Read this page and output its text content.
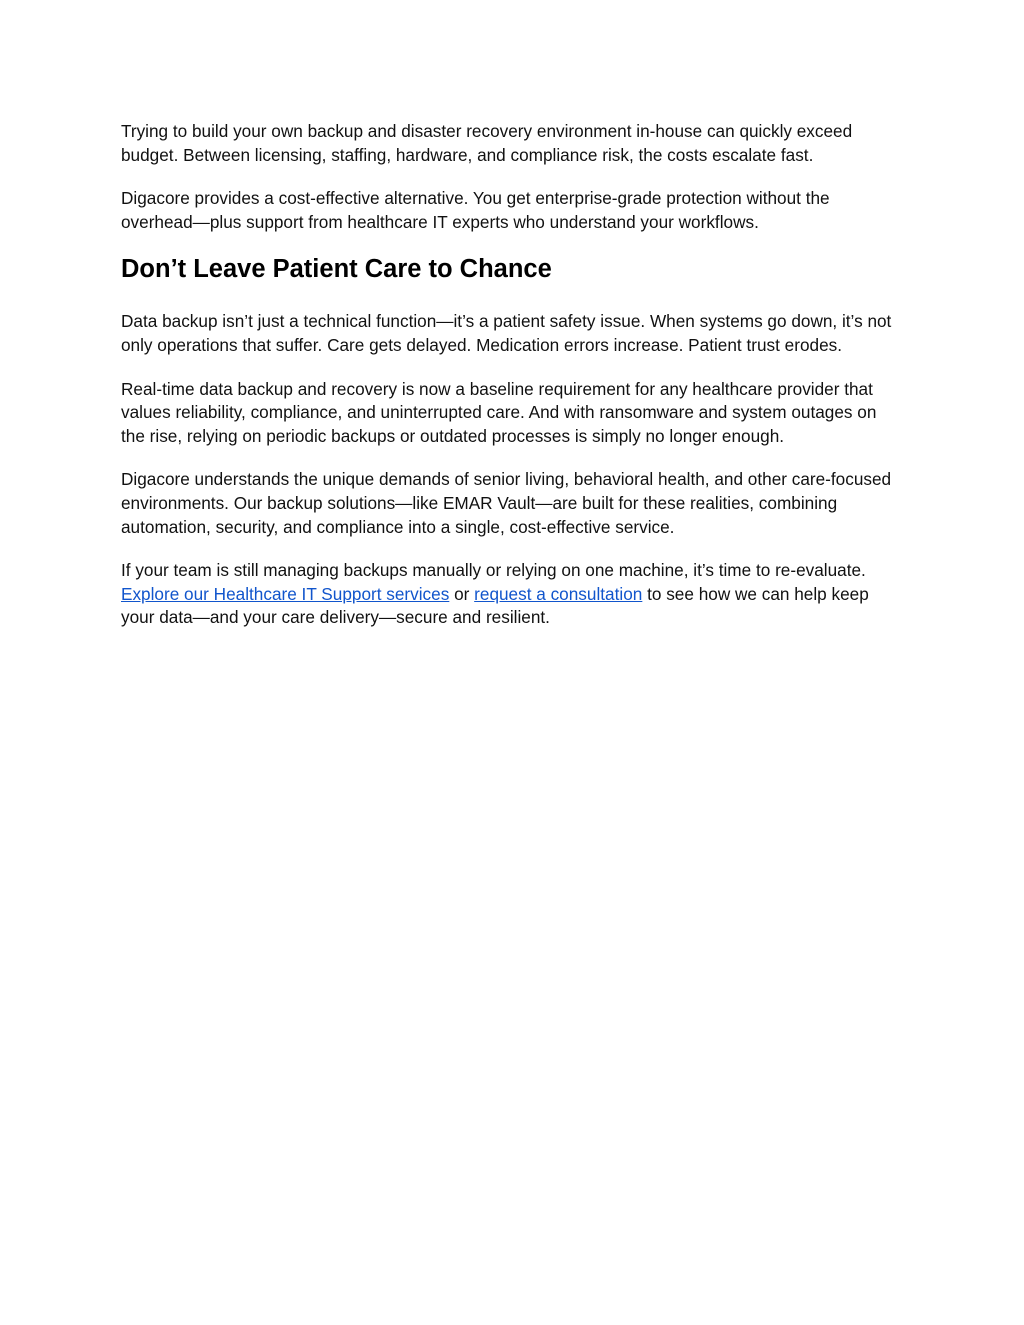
Trying to build your own backup and disaster recovery environment in-house can quickly exceed budget. Between licensing, staffing, hardware, and compliance risk, the costs escalate fast.

Digacore provides a cost-effective alternative. You get enterprise-grade protection without the overhead—plus support from healthcare IT experts who understand your workflows.

Don’t Leave Patient Care to Chance

Data backup isn’t just a technical function—it’s a patient safety issue. When systems go down, it’s not only operations that suffer. Care gets delayed. Medication errors increase. Patient trust erodes.

Real-time data backup and recovery is now a baseline requirement for any healthcare provider that values reliability, compliance, and uninterrupted care. And with ransomware and system outages on the rise, relying on periodic backups or outdated processes is simply no longer enough.

Digacore understands the unique demands of senior living, behavioral health, and other care-focused environments. Our backup solutions—like EMAR Vault—are built for these realities, combining automation, security, and compliance into a single, cost-effective service.

If your team is still managing backups manually or relying on one machine, it’s time to re-evaluate. Explore our Healthcare IT Support services or request a consultation to see how we can help keep your data—and your care delivery—secure and resilient.
